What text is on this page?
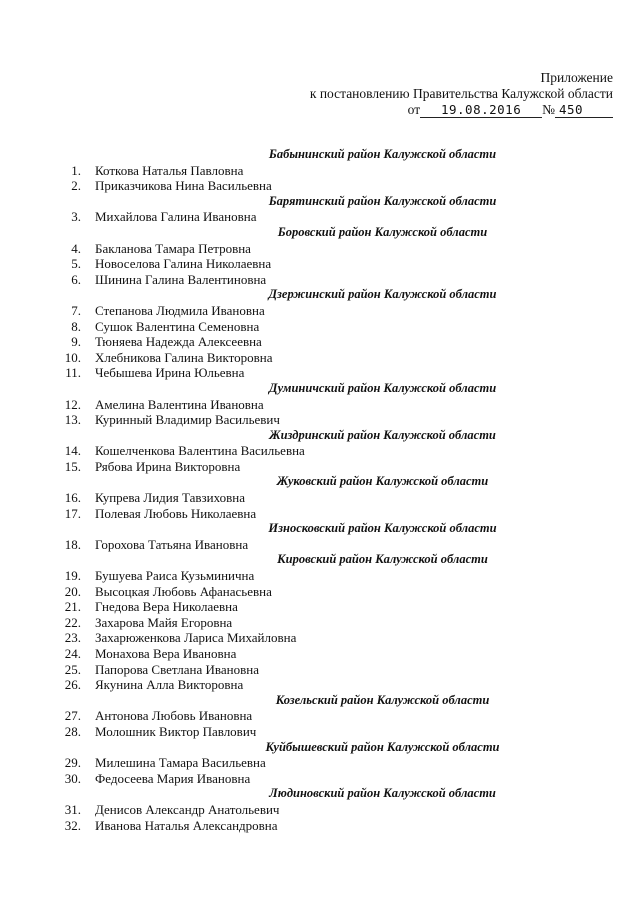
Приложение
к постановлению Правительства Калужской области
от 19.08.2016 № 450
Бабынинский район Калужской области
1. Коткова Наталья Павловна
2. Приказчикова Нина Васильевна
Барятинский район Калужской области
3. Михайлова Галина Ивановна
Боровский район Калужской области
4. Бакланова Тамара Петровна
5. Новоселова Галина Николаевна
6. Шинина Галина Валентиновна
Дзержинский район Калужской области
7. Степанова Людмила Ивановна
8. Сушок Валентина Семеновна
9. Тюняева Надежда Алексеевна
10. Хлебникова Галина Викторовна
11. Чебышева Ирина Юльевна
Думиничский район Калужской области
12. Амелина Валентина Ивановна
13. Куринный Владимир Васильевич
Жиздринский район Калужской области
14. Кошелченкова Валентина Васильевна
15. Рябова Ирина Викторовна
Жуковский район Калужской области
16. Купрева Лидия Тавзиховна
17. Полевая Любовь Николаевна
Износковский район Калужской области
18. Горохова Татьяна Ивановна
Кировский район Калужской области
19. Бушуева Раиса Кузьминична
20. Высоцкая Любовь Афанасьевна
21. Гнедова Вера Николаевна
22. Захарова Майя Егоровна
23. Захарюженкова Лариса Михайловна
24. Монахова Вера Ивановна
25. Папорова Светлана Ивановна
26. Якунина Алла Викторовна
Козельский район Калужской области
27. Антонова Любовь Ивановна
28. Молошник Виктор Павлович
Куйбышевский район Калужской области
29. Милешина Тамара Васильевна
30. Федосеева Мария Ивановна
Людиновский район Калужской области
31. Денисов Александр Анатольевич
32. Иванова Наталья Александровна
